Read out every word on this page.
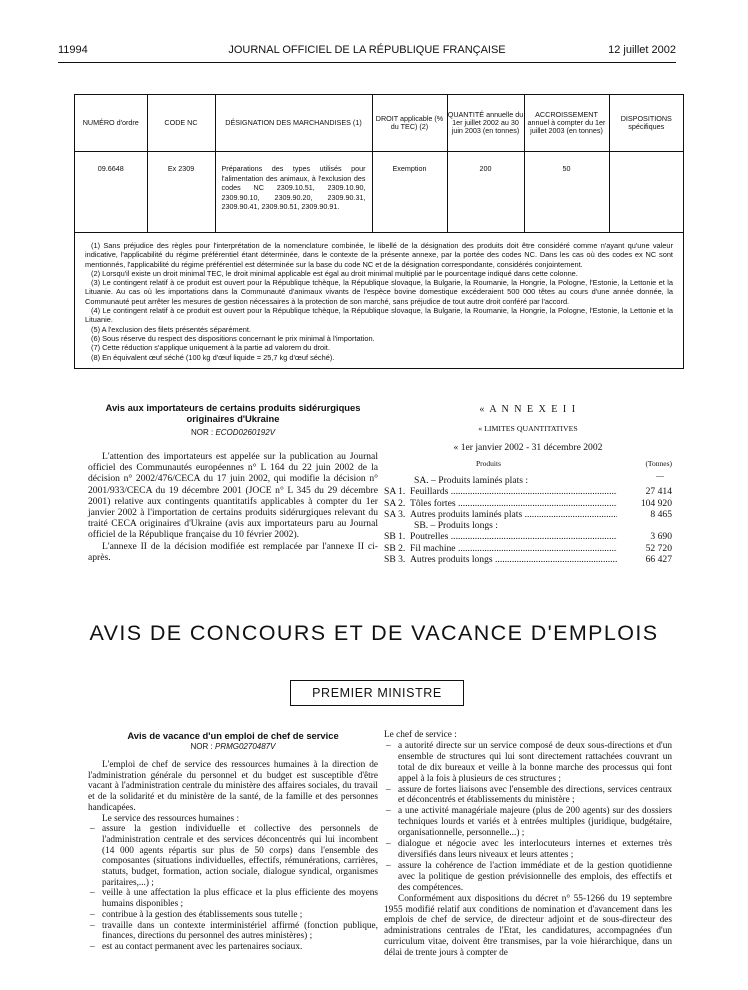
11994	JOURNAL OFFICIEL DE LA RÉPUBLIQUE FRANÇAISE	12 juillet 2002
NUMÉRO d'ordre	CODE NC	DÉSIGNATION DES MARCHANDISES (1)	DROIT applicable (% du TEC) (2)	QUANTITÉ annuelle du 1er juillet 2002 au 30 juin 2003 (en tonnes)	ACCROISSEMENT annuel à compter du 1er juillet 2003 (en tonnes)	DISPOSITIONS spécifiques
09.6648	Ex 2309	Préparations des types utilisés pour l'alimentation des animaux, à l'exclusion des codes NC 2309.10.51, 2309.10.90, 2309.90.10, 2309.90.20, 2309.90.31, 2309.90.41, 2309.90.51, 2309.90.91.	Exemption	200	50	

(1) Sans préjudice des règles pour l'interprétation de la nomenclature combinée, le libellé de la désignation des produits doit être considéré comme n'ayant qu'une valeur indicative, l'applicabilité du régime préférentiel étant déterminée, dans le contexte de la présente annexe, par la portée des codes NC. Dans les cas où des codes ex NC sont mentionnés, l'applicabilité du régime préférentiel est déterminée sur la base du code NC et de la désignation correspondante, considérés conjointement.

(2) Lorsqu'il existe un droit minimal TEC, le droit minimal applicable est égal au droit minimal multiplié par le pourcentage indiqué dans cette colonne.

(3) Le contingent relatif à ce produit est ouvert pour la République tchèque, la République slovaque, la Bulgarie, la Roumanie, la Hongrie, la Pologne, l'Estonie, la Lettonie et la Lituanie. Au cas où les importations dans la Communauté d'animaux vivants de l'espèce bovine domestique excéderaient 500 000 têtes au cours d'une année donnée, la Communauté peut arrêter les mesures de gestion nécessaires à la protection de son marché, sans préjudice de tout autre droit conféré par l'accord.

(4) Le contingent relatif à ce produit est ouvert pour la République tchèque, la République slovaque, la Bulgarie, la Roumanie, la Hongrie, la Pologne, l'Estonie, la Lettonie et la Lituanie.

(5) A l'exclusion des filets présentés séparément.

(6) Sous réserve du respect des dispositions concernant le prix minimal à l'importation.

(7) Cette réduction s'applique uniquement à la partie ad valorem du droit.

(8) En équivalent œuf séché (100 kg d'œuf liquide = 25,7 kg d'œuf séché).

Avis aux importateurs de certains produits sidérurgiques originaires d'Ukraine
NOR : ECOD0260192V

L'attention des importateurs est appelée sur la publication au Journal officiel des Communautés européennes n° L 164 du 22 juin 2002 de la décision n° 2002/476/CECA du 17 juin 2002, qui modifie la décision n° 2001/933/CECA du 19 décembre 2001 (JOCE n° L 345 du 29 décembre 2001) relative aux contingents quantitatifs applicables à compter du 1er janvier 2002 à l'importation de certains produits sidérurgiques relevant du traité CECA originaires d'Ukraine (avis aux importateurs paru au Journal officiel de la République française du 10 février 2002).

L'annexe II de la décision modifiée est remplacée par l'annexe II ci-après.

« A N N E X E I I
« LIMITES QUANTITATIVES
« 1er janvier 2002 - 31 décembre 2002
Produits	(Tonnes)
—
SA. – Produits laminés plats :
SA 1. Feuillards .....	27 414
SA 2. Tôles fortes .....	104 920
SA 3. Autres produits laminés plats .....	8 465
SB. – Produits longs :
SB 1. Poutrelles .....	3 690
SB 2. Fil machine .....	52 720
SB 3. Autres produits longs .....	66 427
AVIS DE CONCOURS ET DE VACANCE D'EMPLOIS
PREMIER MINISTRE
Avis de vacance d'un emploi de chef de service
NOR : PRMG0270487V

L'emploi de chef de service des ressources humaines à la direction de l'administration générale du personnel et du budget est susceptible d'être vacant à l'administration centrale du ministère des affaires sociales, du travail et de la solidarité et du ministère de la santé, de la famille et des personnes handicapées.

Le service des ressources humaines :

– assure la gestion individuelle et collective des personnels de l'administration centrale et des services déconcentrés qui lui incombent (14 000 agents répartis sur plus de 50 corps) dans l'ensemble des composantes (situations individuelles, effectifs, rémunérations, carrières, statuts, budget, formation, action sociale, dialogue syndical, organismes paritaires,...) ;
– veille à une affectation la plus efficace et la plus efficiente des moyens humains disponibles ;
– contribue à la gestion des établissements sous tutelle ;
– travaille dans un contexte interministériel affirmé (fonction publique, finances, directions du personnel des autres ministères) ;
– est au contact permanent avec les partenaires sociaux.
Le chef de service :
– a autorité directe sur un service composé de deux sous-directions et d'un ensemble de structures qui lui sont directement rattachées couvrant un total de dix bureaux et veille à la bonne marche des processus qui font appel à la fois à plusieurs de ces structures ;
– assure de fortes liaisons avec l'ensemble des directions, services centraux et déconcentrés et établissements du ministère ;
– a une activité managériale majeure (plus de 200 agents) sur des dossiers techniques lourds et variés et à entrées multiples (juridique, budgétaire, organisationnelle, personnelle...) ;
– dialogue et négocie avec les interlocuteurs internes et externes très diversifiés dans leurs niveaux et leurs attentes ;
– assure la cohérence de l'action immédiate et de la gestion quotidienne avec la politique de gestion prévisionnelle des emplois, des effectifs et des compétences.

Conformément aux dispositions du décret n° 55-1266 du 19 septembre 1955 modifié relatif aux conditions de nomination et d'avancement dans les emplois de chef de service, de directeur adjoint et de sous-directeur des administrations centrales de l'Etat, les candidatures, accompagnées d'un curriculum vitae, doivent être transmises, par la voie hiérarchique, dans un délai de trente jours à compter de
